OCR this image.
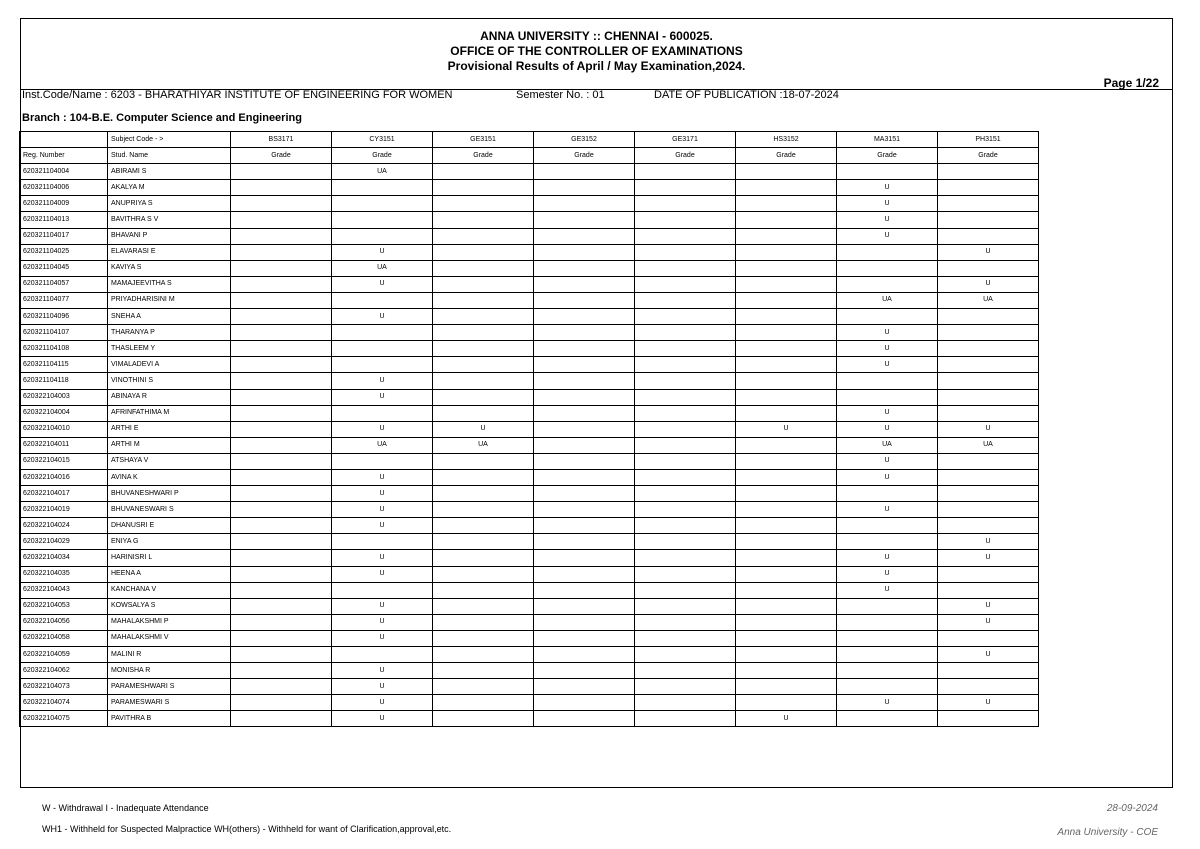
ANNA UNIVERSITY :: CHENNAI - 600025.
OFFICE OF THE CONTROLLER OF EXAMINATIONS
Provisional Results of April / May Examination,2024.
Page 1/22
Inst.Code/Name : 6203 - BHARATHIYAR INSTITUTE OF ENGINEERING FOR WOMEN	Semester No. : 01	DATE OF PUBLICATION :18-07-2024
Branch : 104-B.E. Computer Science and Engineering
	Subject Code - >	BS3171	CY3151	GE3151	GE3152	GE3171	HS3152	MA3151	PH3151
Reg. Number	Stud. Name	Grade	Grade	Grade	Grade	Grade	Grade	Grade	Grade
620321104004	ABIRAMI S		UA						
620321104006	AKALYA M							U	
620321104009	ANUPRIYA S							U	
620321104013	BAVITHRA S V							U	
620321104017	BHAVANI P							U	
620321104025	ELAVARASI E		U						U
620321104045	KAVIYA S		UA						
620321104057	MAMAJEEVITHA S		U						U
620321104077	PRIYADHARISINI M							UA	UA
620321104096	SNEHA A		U						
620321104107	THARANYA P							U	
620321104108	THASLEEM Y							U	
620321104115	VIMALADEVI A							U	
620321104118	VINOTHINI S		U						
620322104003	ABINAYA R		U						
620322104004	AFRINFATHIMA M							U	
620322104010	ARTHI E		U	U			U	U	U
620322104011	ARTHI M		UA	UA				UA	UA
620322104015	ATSHAYA V							U	
620322104016	AVINA K		U					U	
620322104017	BHUVANESHWARI P		U						
620322104019	BHUVANESWARI S		U					U	
620322104024	DHANUSRI E		U						
620322104029	ENIYA G								U
620322104034	HARINISRI L		U					U	U
620322104035	HEENA A		U					U	
620322104043	KANCHANA V							U	
620322104053	KOWSALYA S		U						U
620322104056	MAHALAKSHMI P		U						U
620322104058	MAHALAKSHMI V		U						
620322104059	MALINI R								U
620322104062	MONISHA R		U						
620322104073	PARAMESHWARI S		U						
620322104074	PARAMESWARI S		U					U	U
620322104075	PAVITHRA B		U				U		
W - Withdrawal I - Inadequate Attendance
WH1 - Withheld for Suspected Malpractice WH(others) - Withheld for want of Clarification,approval,etc.
28-09-2024
Anna University - COE
